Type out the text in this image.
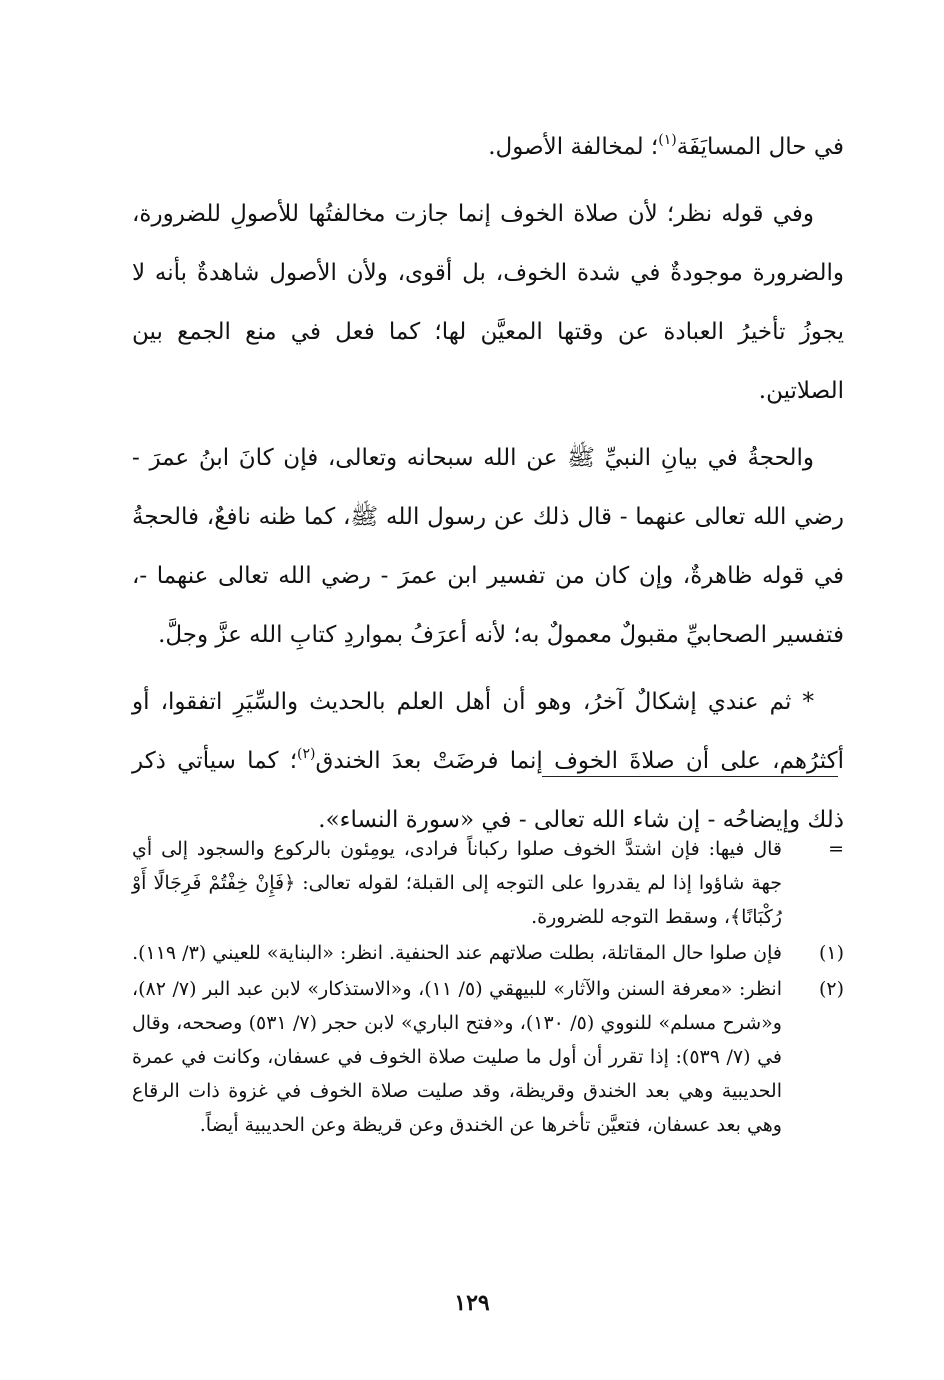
في حال المسايَفَة$^{(١)}$؛ لمخالفة الأصول.

وفي قوله نظر؛ لأن صلاة الخوف إنما جازت مخالفتُها للأصولِ للضرورة، والضرورة موجودةٌ في شدة الخوف، بل أقوى، ولأن الأصول شاهدةٌ بأنه لا يجوزُ تأخيرُ العبادة عن وقتها المعيَّن لها؛ كما فعل في منع الجمع بين الصلاتين.

والحجةُ في بيانِ النبيِّ ﷺ عن الله سبحانه وتعالى، فإن كانَ ابنُ عمرَ - رضي الله تعالى عنهما - قال ذلك عن رسول الله ﷺ، كما ظنه نافعٌ، فالحجةُ في قوله ظاهرةٌ، وإن كان من تفسير ابن عمرَ - رضي الله تعالى عنهما -، فتفسير الصحابيِّ مقبولٌ معمولٌ به؛ لأنه أعرَفُ بمواردِ كتابِ الله عزَّ وجلَّ.

* ثم عندي إشكالٌ آخرُ، وهو أن أهل العلم بالحديث والسِّيَرِ اتفقوا، أو أكثرُهم، على أن صلاةَ الخوف إنما فرضَتْ بعدَ الخندق$^{(٢)}$؛ كما سيأتي ذكر ذلك وإيضاحُه - إن شاء الله تعالى - في «سورة النساء».

=
قال فيها: فإن اشتدَّ الخوف صلوا ركباناً فرادى، يومِئون بالركوع والسجود إلى أي جهة شاؤوا إذا لم يقدروا على التوجه إلى القبلة؛ لقوله تعالى: ﴿فَإِنْ خِفْتُمْ فَرِجَالًا أَوْ رُكْبَانًا﴾، وسقط التوجه للضرورة.
(١)
فإن صلوا حال المقاتلة، بطلت صلاتهم عند الحنفية. انظر: «البناية» للعيني (٣/ ١١٩).
(٢)
انظر: «معرفة السنن والآثار» للبيهقي (٥/ ١١)، و«الاستذكار» لابن عبد البر (٧/ ٨٢)، و«شرح مسلم» للنووي (٥/ ١٣٠)، و«فتح الباري» لابن حجر (٧/ ٥٣١) وصححه، وقال في (٧/ ٥٣٩): إذا تقرر أن أول ما صليت صلاة الخوف في عسفان، وكانت في عمرة الحديبية وهي بعد الخندق وقريظة، وقد صليت صلاة الخوف في غزوة ذات الرقاع وهي بعد عسفان، فتعيَّن تأخرها عن الخندق وعن قريظة وعن الحديبية أيضاً.
١٢٩
